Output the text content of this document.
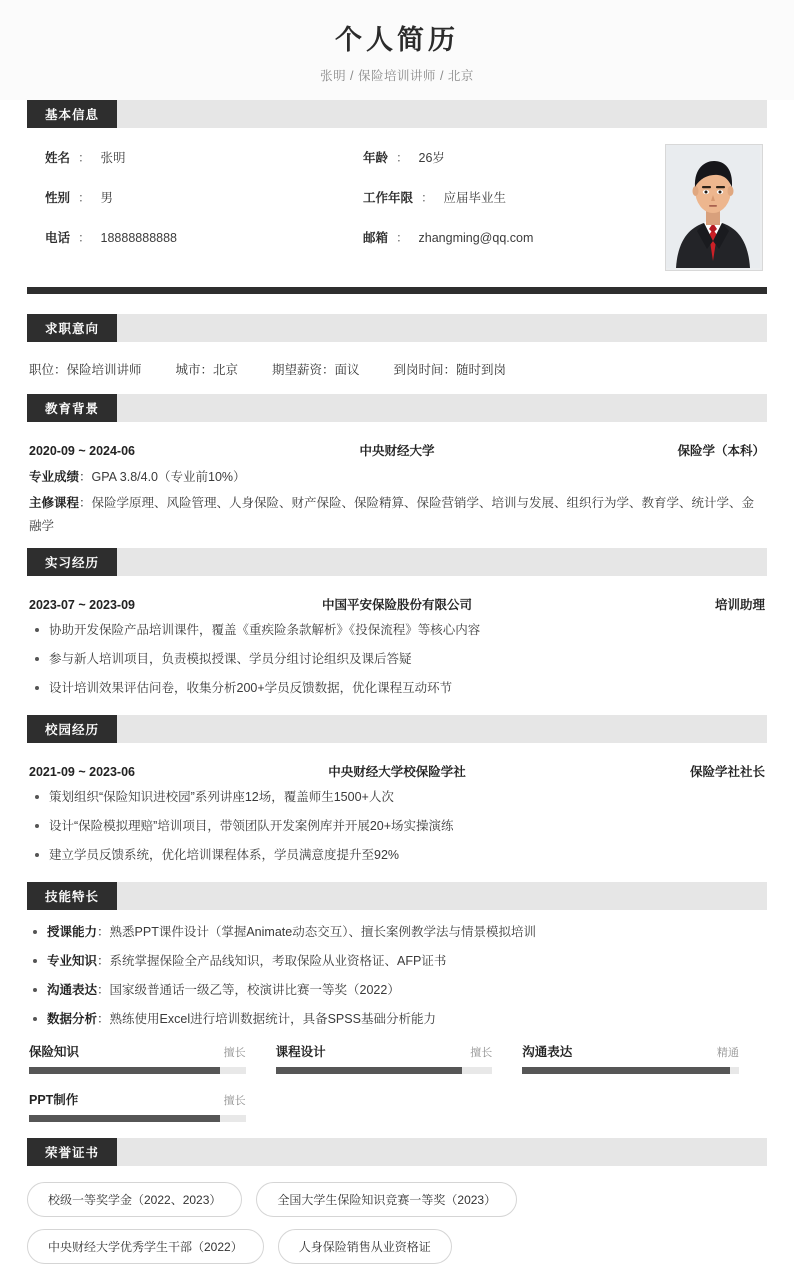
个人简历
张明 / 保险培训讲师 / 北京
基本信息
姓名 ： 张明
性别 ： 男
电话 ： 18888888888
年龄 ： 26岁
工作年限 ： 应届毕业生
邮箱 ： zhangming@qq.com
求职意向
职位：保险培训讲师	城市：北京	期望薪资：面议	到岗时间：随时到岗
教育背景
2020-09 ~ 2024-06	中央财经大学	保险学（本科）
专业成绩：GPA 3.8/4.0（专业前10%）
主修课程：保险学原理、风险管理、人身保险、财产保险、保险精算、保险营销学、培训与发展、组织行为学、教育学、统计学、金融学
实习经历
2023-07 ~ 2023-09	中国平安保险股份有限公司	培训助理
协助开发保险产品培训课件，覆盖《重疾险条款解析》《投保流程》等核心内容
参与新人培训项目，负责模拟授课、学员分组讨论组织及课后答疑
设计培训效果评估问卷，收集分析200+学员反馈数据，优化课程互动环节
校园经历
2021-09 ~ 2023-06	中央财经大学校保险学社	保险学社社长
策划组织“保险知识进校园”系列讲座12场，覆盖师生1500+人次
设计“保险模拟理赔”培训项目，带领团队开发案例库并开展20+场实操演练
建立学员反馈系统，优化培训课程体系，学员满意度提升至92%
技能特长
授课能力：熟悉PPT课件设计（掌握Animate动态交互）、擅长案例教学法与情景模拟培训
专业知识：系统掌握保险全产品线知识，考取保险从业资格证、AFP证书
沟通表达：国家级普通话一级乙等，校演讲比赛一等奖（2022）
数据分析：熟练使用Excel进行培训数据统计，具备SPSS基础分析能力
保险知识	擅长 课程设计	擅长 沟通表达	精通
PPT制作	擅长
荣誉证书
校级一等奖学金（2022、2023）	全国大学生保险知识竞赛一等奖（2023）
中央财经大学优秀学生干部（2022）	人身保险销售从业资格证
